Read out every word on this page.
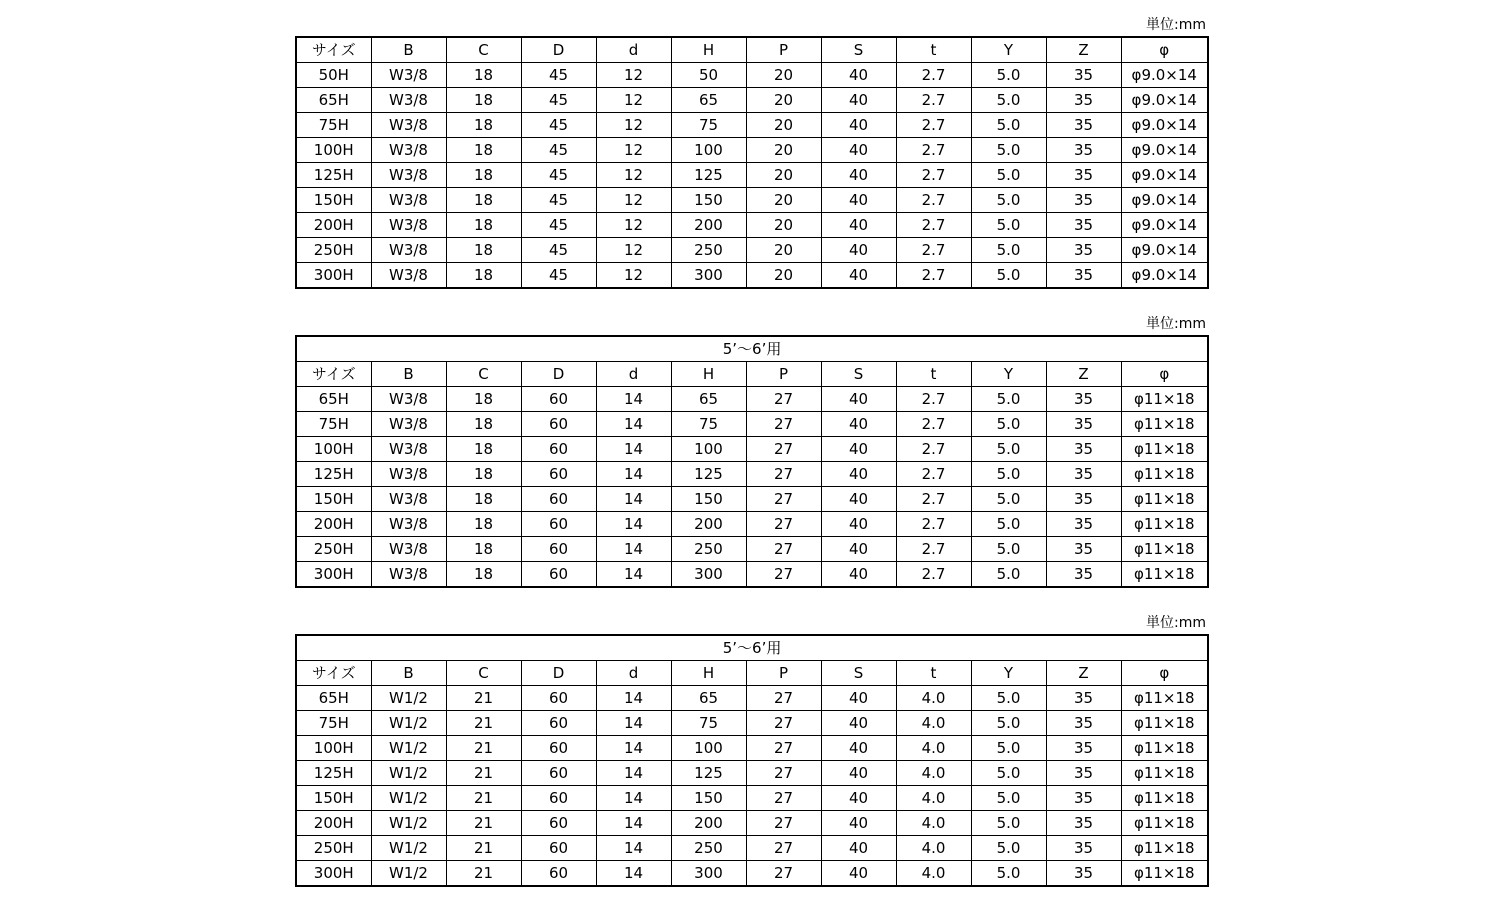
単位:mm
サイズ	B	C	D	d	H	P	S	t	Y	Z	φ
50H	W3/8	18	45	12	50	20	40	2.7	5.0	35	φ9.0×14
65H	W3/8	18	45	12	65	20	40	2.7	5.0	35	φ9.0×14
75H	W3/8	18	45	12	75	20	40	2.7	5.0	35	φ9.0×14
100H	W3/8	18	45	12	100	20	40	2.7	5.0	35	φ9.0×14
125H	W3/8	18	45	12	125	20	40	2.7	5.0	35	φ9.0×14
150H	W3/8	18	45	12	150	20	40	2.7	5.0	35	φ9.0×14
200H	W3/8	18	45	12	200	20	40	2.7	5.0	35	φ9.0×14
250H	W3/8	18	45	12	250	20	40	2.7	5.0	35	φ9.0×14
300H	W3/8	18	45	12	300	20	40	2.7	5.0	35	φ9.0×14
単位:mm
5’～6’用											
サイズ	B	C	D	d	H	P	S	t	Y	Z	φ
65H	W3/8	18	60	14	65	27	40	2.7	5.0	35	φ11×18
75H	W3/8	18	60	14	75	27	40	2.7	5.0	35	φ11×18
100H	W3/8	18	60	14	100	27	40	2.7	5.0	35	φ11×18
125H	W3/8	18	60	14	125	27	40	2.7	5.0	35	φ11×18
150H	W3/8	18	60	14	150	27	40	2.7	5.0	35	φ11×18
200H	W3/8	18	60	14	200	27	40	2.7	5.0	35	φ11×18
250H	W3/8	18	60	14	250	27	40	2.7	5.0	35	φ11×18
300H	W3/8	18	60	14	300	27	40	2.7	5.0	35	φ11×18
単位:mm
5’～6’用											
サイズ	B	C	D	d	H	P	S	t	Y	Z	φ
65H	W1/2	21	60	14	65	27	40	4.0	5.0	35	φ11×18
75H	W1/2	21	60	14	75	27	40	4.0	5.0	35	φ11×18
100H	W1/2	21	60	14	100	27	40	4.0	5.0	35	φ11×18
125H	W1/2	21	60	14	125	27	40	4.0	5.0	35	φ11×18
150H	W1/2	21	60	14	150	27	40	4.0	5.0	35	φ11×18
200H	W1/2	21	60	14	200	27	40	4.0	5.0	35	φ11×18
250H	W1/2	21	60	14	250	27	40	4.0	5.0	35	φ11×18
300H	W1/2	21	60	14	300	27	40	4.0	5.0	35	φ11×18
